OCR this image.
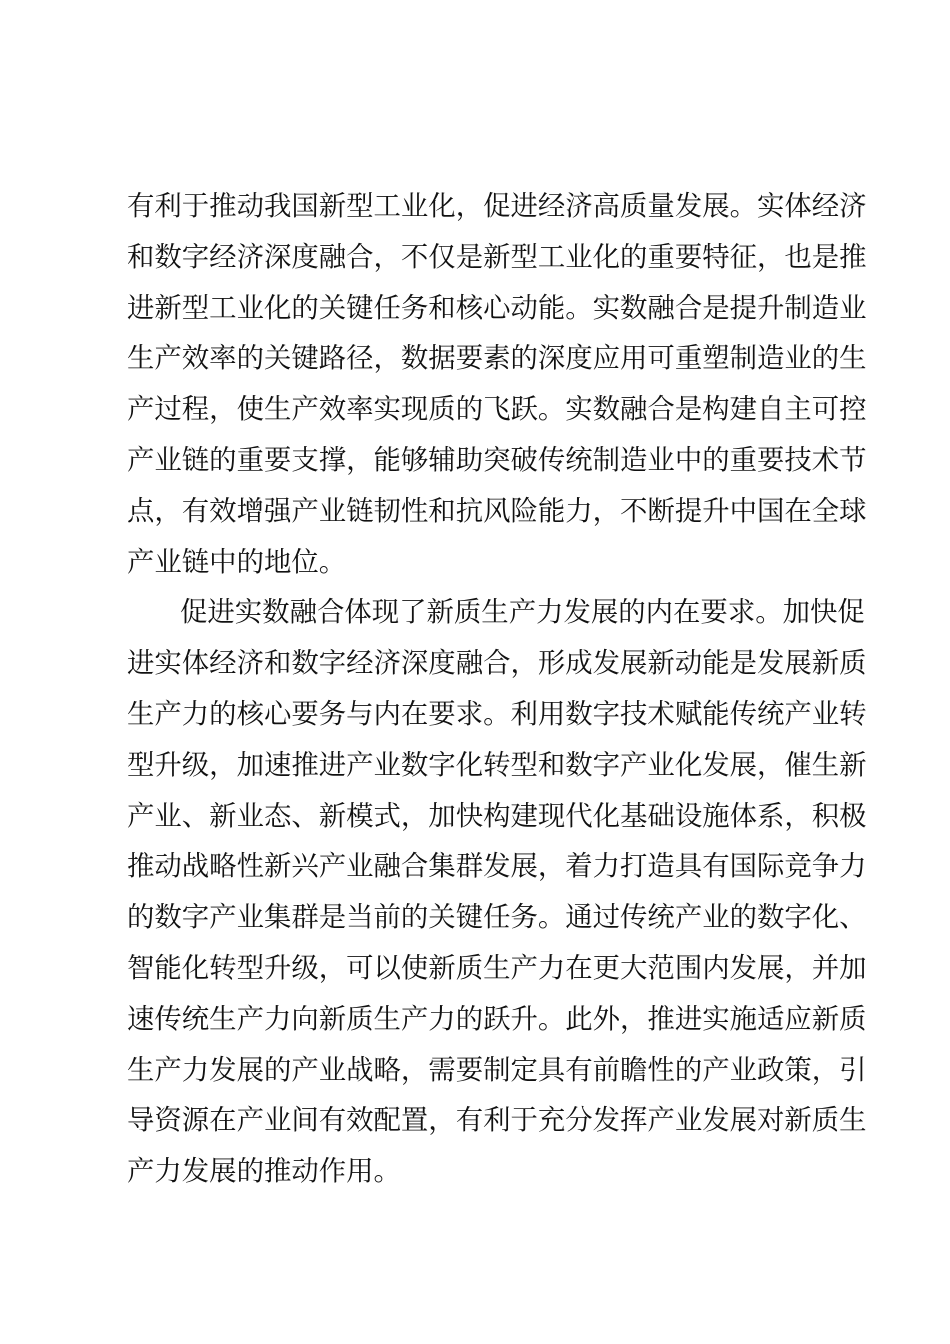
有利于推动我国新型工业化，促进经济高质量发展。实体经济
和数字经济深度融合，不仅是新型工业化的重要特征，也是推
进新型工业化的关键任务和核心动能。实数融合是提升制造业
生产效率的关键路径，数据要素的深度应用可重塑制造业的生
产过程，使生产效率实现质的飞跃。实数融合是构建自主可控
产业链的重要支撑，能够辅助突破传统制造业中的重要技术节
点，有效增强产业链韧性和抗风险能力，不断提升中国在全球
产业链中的地位。
促进实数融合体现了新质生产力发展的内在要求。加快促
进实体经济和数字经济深度融合，形成发展新动能是发展新质
生产力的核心要务与内在要求。利用数字技术赋能传统产业转
型升级，加速推进产业数字化转型和数字产业化发展，催生新
产业、新业态、新模式，加快构建现代化基础设施体系，积极
推动战略性新兴产业融合集群发展，着力打造具有国际竞争力
的数字产业集群是当前的关键任务。通过传统产业的数字化、
智能化转型升级，可以使新质生产力在更大范围内发展，并加
速传统生产力向新质生产力的跃升。此外，推进实施适应新质
生产力发展的产业战略，需要制定具有前瞻性的产业政策，引
导资源在产业间有效配置，有利于充分发挥产业发展对新质生
产力发展的推动作用。
